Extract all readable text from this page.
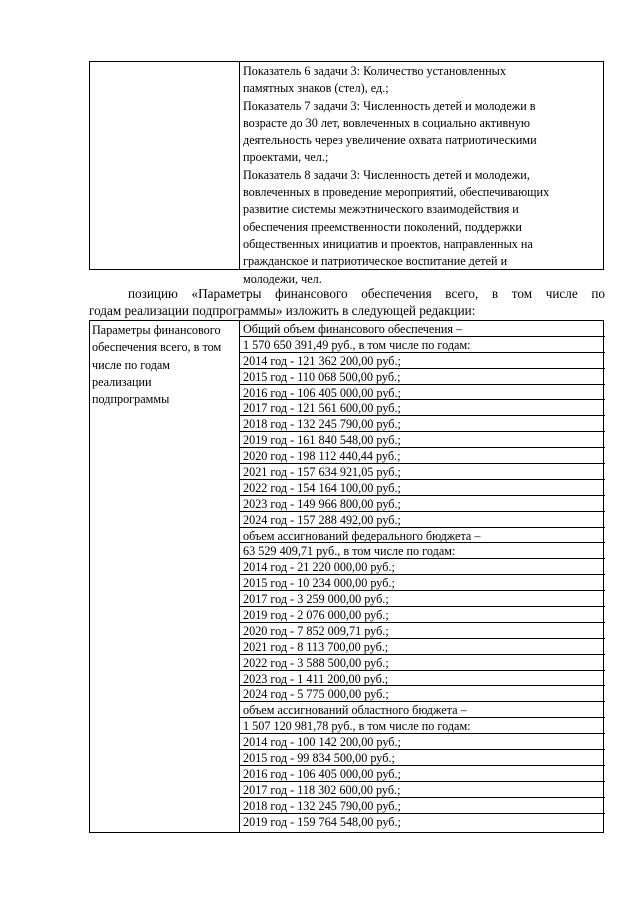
Показатель 6 задачи 3: Количество установленных
памятных знаков (стел), ед.;
Показатель 7 задачи 3: Численность детей и молодежи в
возрасте до 30 лет, вовлеченных в социально активную
деятельность через увеличение охвата патриотическими
проектами, чел.;
Показатель 8 задачи 3: Численность детей и молодежи,
вовлеченных в проведение мероприятий, обеспечивающих
развитие системы межэтнического взаимодействия и
обеспечения преемственности поколений, поддержки
общественных инициатив и проектов, направленных на
гражданское и патриотическое воспитание детей и
молодежи, чел.
позицию «Параметры финансового обеспечения всего, в том числе по
годам реализации подпрограммы» изложить в следующей редакции:
Параметры финансового
обеспечения всего, в том
числе по годам
реализации
подпрограммы
Общий объем финансового обеспечения –
1 570 650 391,49 руб., в том числе по годам:
2014 год - 121 362 200,00 руб.;
2015 год - 110 068 500,00 руб.;
2016 год - 106 405 000,00 руб.;
2017 год - 121 561 600,00 руб.;
2018 год - 132 245 790,00 руб.;
2019 год - 161 840 548,00 руб.;
2020 год - 198 112 440,44 руб.;
2021 год - 157 634 921,05 руб.;
2022 год - 154 164 100,00 руб.;
2023 год - 149 966 800,00 руб.;
2024 год - 157 288 492,00 руб.;
объем ассигнований федерального бюджета –
63 529 409,71 руб., в том числе по годам:
2014 год - 21 220 000,00 руб.;
2015 год - 10 234 000,00 руб.;
2017 год - 3 259 000,00 руб.;
2019 год - 2 076 000,00 руб.;
2020 год - 7 852 009,71 руб.;
2021 год - 8 113 700,00 руб.;
2022 год - 3 588 500,00 руб.;
2023 год - 1 411 200,00 руб.;
2024 год - 5 775 000,00 руб.;
объем ассигнований областного бюджета –
1 507 120 981,78 руб., в том числе по годам:
2014 год - 100 142 200,00 руб.;
2015 год - 99 834 500,00 руб.;
2016 год - 106 405 000,00 руб.;
2017 год - 118 302 600,00 руб.;
2018 год - 132 245 790,00 руб.;
2019 год - 159 764 548,00 руб.;
